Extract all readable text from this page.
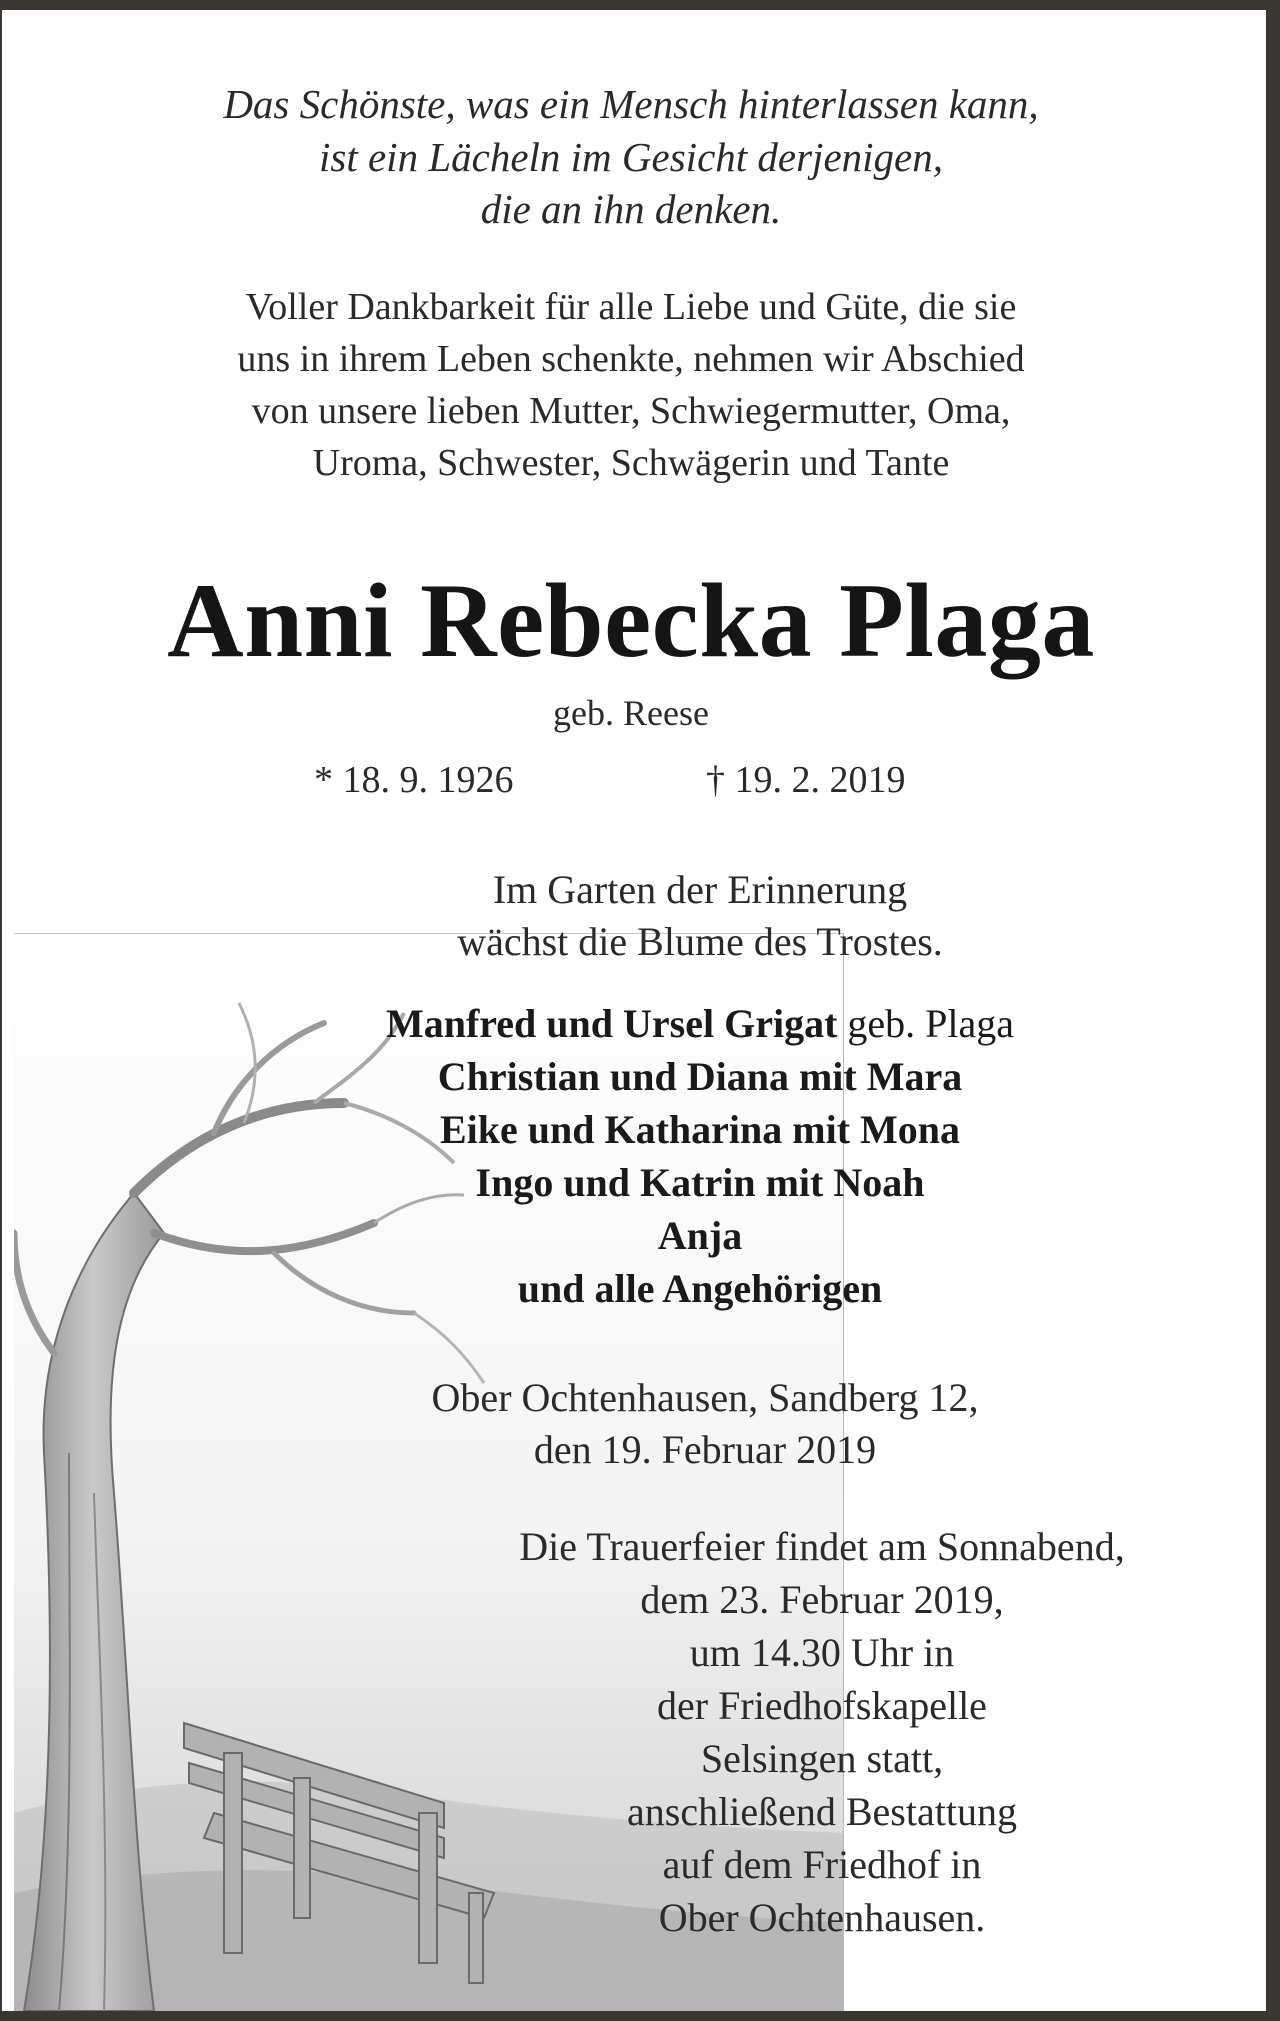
Das Schönste, was ein Mensch hinterlassen kann,
ist ein Lächeln im Gesicht derjenigen,
die an ihn denken.
Voller Dankbarkeit für alle Liebe und Güte, die sie
uns in ihrem Leben schenkte, nehmen wir Abschied
von unsere lieben Mutter, Schwiegermutter, Oma,
Uroma, Schwester, Schwägerin und Tante
Anni Rebecka Plaga
geb. Reese
* 18. 9. 1926	† 19. 2. 2019
Im Garten der Erinnerung
wächst die Blume des Trostes.
Manfred und Ursel Grigat geb. Plaga
Christian und Diana mit Mara
Eike und Katharina mit Mona
Ingo und Katrin mit Noah
Anja
und alle Angehörigen
Ober Ochtenhausen, Sandberg 12,
den 19. Februar 2019
Die Trauerfeier findet am Sonnabend,
dem 23. Februar 2019,
um 14.30 Uhr in
der Friedhofskapelle
Selsingen statt,
anschließend Bestattung
auf dem Friedhof in
Ober Ochtenhausen.
